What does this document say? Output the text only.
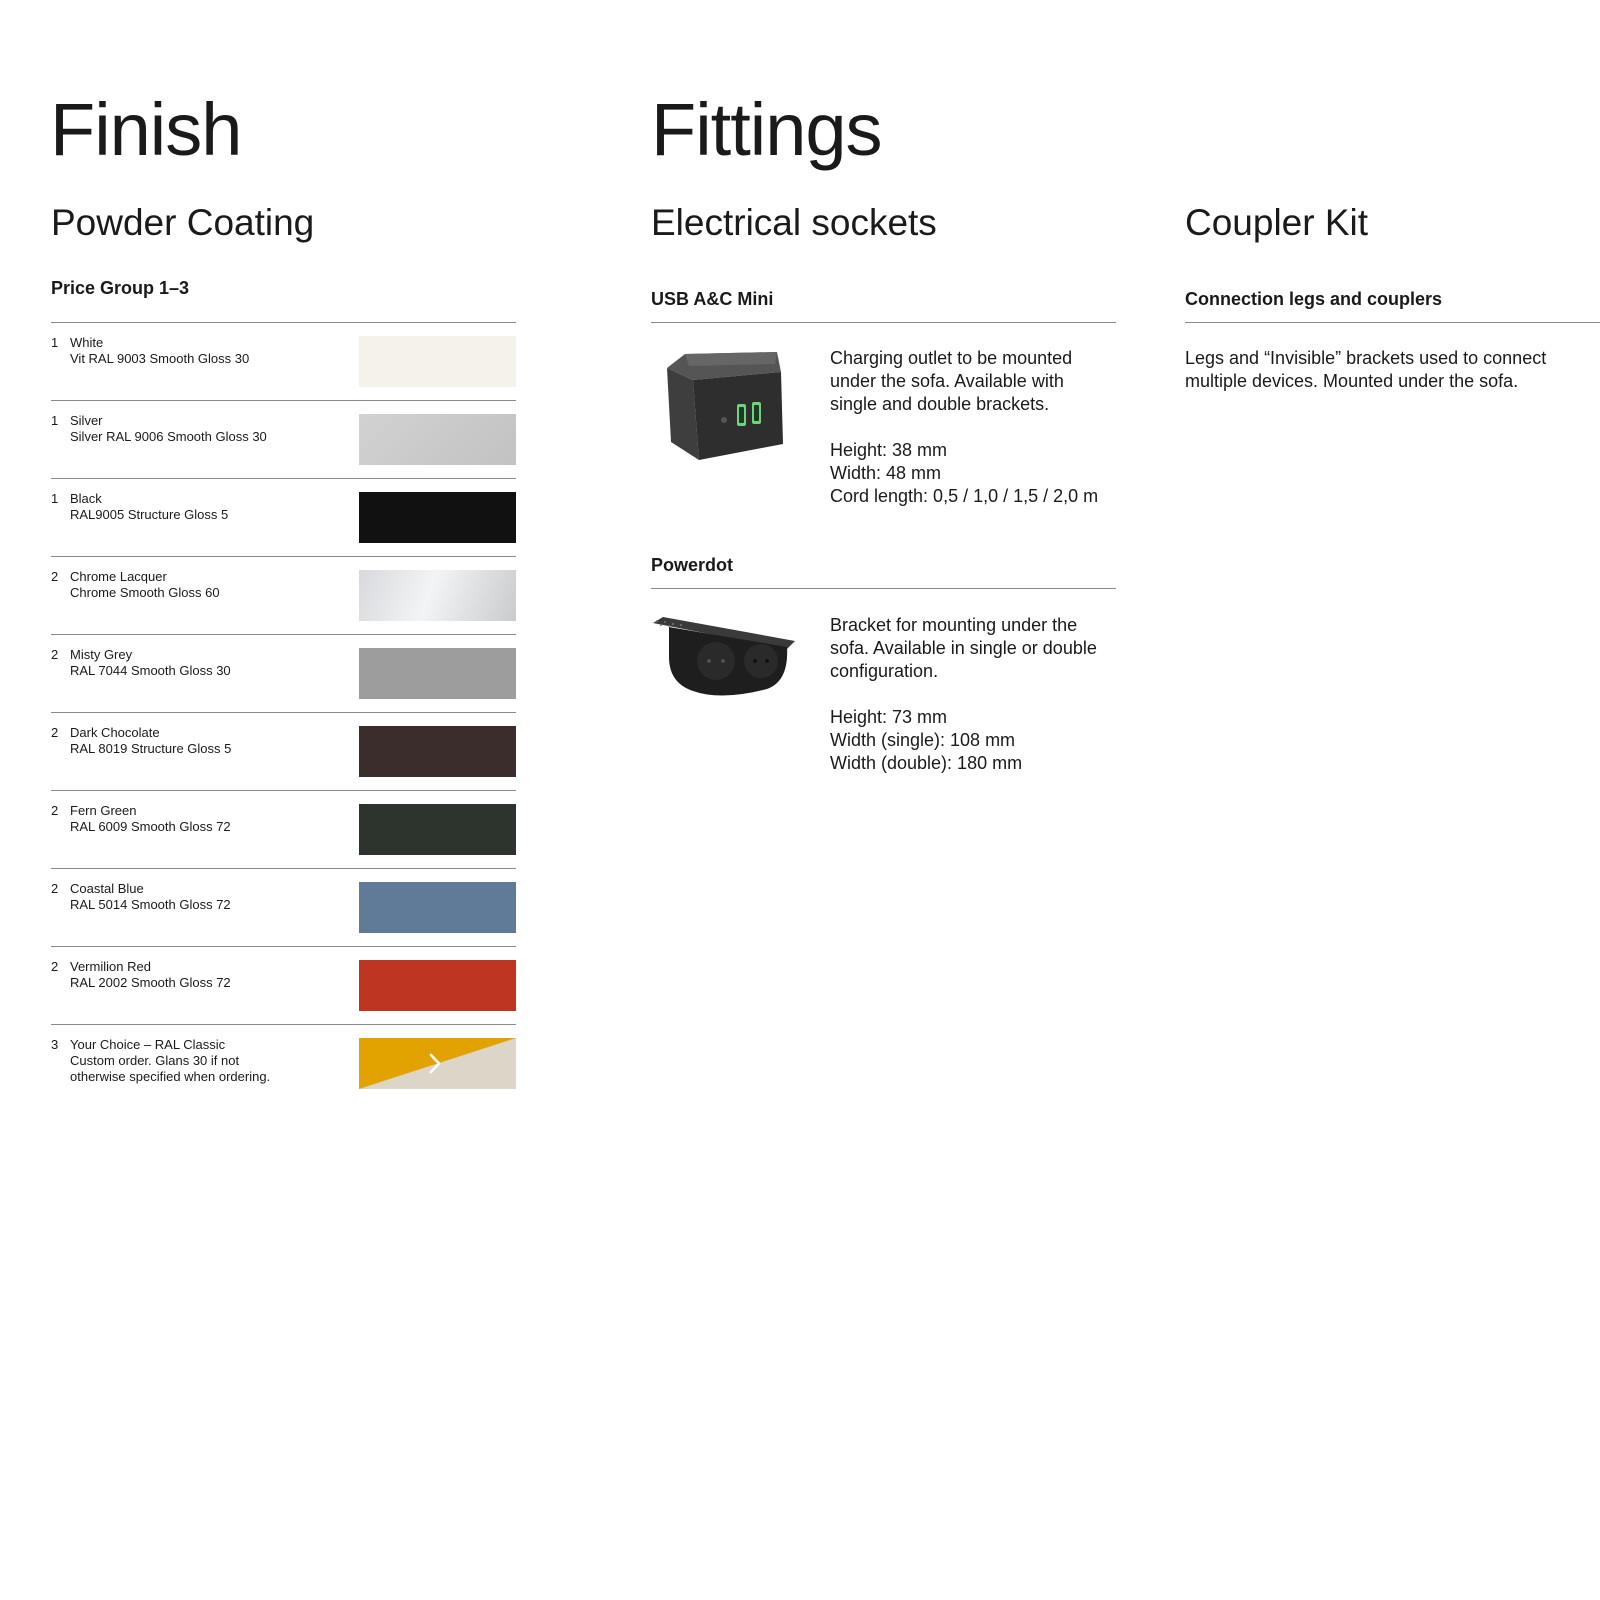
Finish
Powder Coating
Price Group 1–3
1 White
Vit RAL 9003 Smooth Gloss 30
1 Silver
Silver RAL 9006 Smooth Gloss 30
1 Black
RAL9005 Structure Gloss 5
2 Chrome Lacquer
Chrome Smooth Gloss 60
2 Misty Grey
RAL 7044 Smooth Gloss 30
2 Dark Chocolate
RAL 8019 Structure Gloss 5
2 Fern Green
RAL 6009 Smooth Gloss 72
2 Coastal Blue
RAL 5014 Smooth Gloss 72
2 Vermilion Red
RAL 2002 Smooth Gloss 72
3 Your Choice – RAL Classic
Custom order. Glans 30 if not
otherwise specified when ordering.
Fittings
Electrical sockets
USB A&C Mini

Charging outlet to be mounted

under the sofa. Available with

single and double brackets.

Height: 38 mm

Width: 48 mm

Cord length: 0,5 / 1,0 / 1,5 / 2,0 m

Powerdot

Bracket for mounting under the

sofa. Available in single or double

configuration.

Height: 73 mm

Width (single): 108 mm

Width (double): 180 mm

Coupler Kit
Connection legs and couplers

Legs and “Invisible” brackets used to connect

multiple devices. Mounted under the sofa.
